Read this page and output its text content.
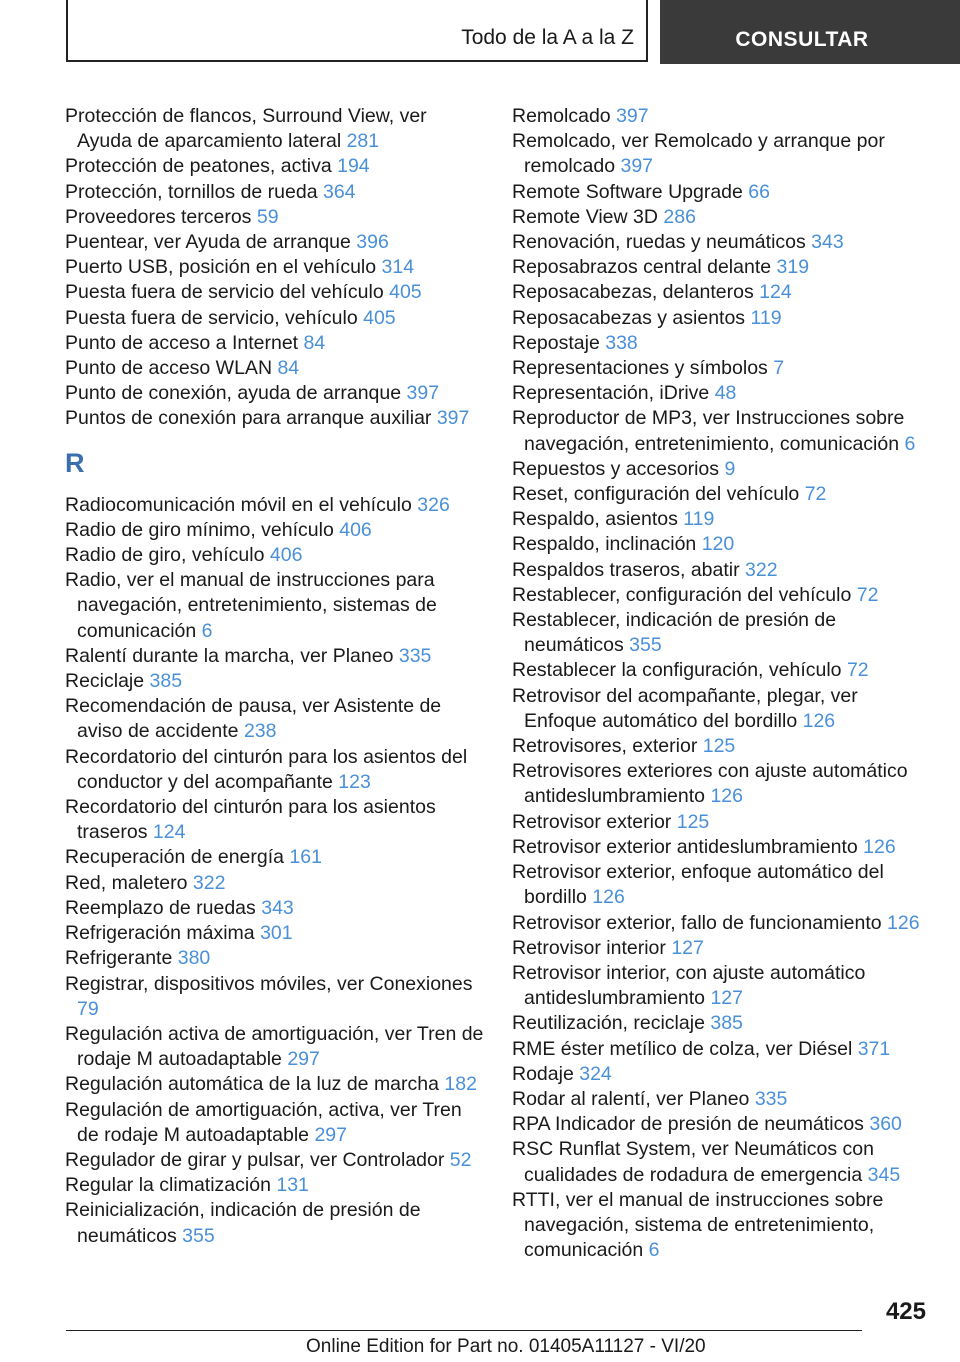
Todo de la A a la Z	CONSULTAR
Protección de flancos, Surround View, ver Ayuda de aparcamiento lateral 281
Protección de peatones, activa 194
Protección, tornillos de rueda 364
Proveedores terceros 59
Puentear, ver Ayuda de arranque 396
Puerto USB, posición en el vehículo 314
Puesta fuera de servicio del vehículo 405
Puesta fuera de servicio, vehículo 405
Punto de acceso a Internet 84
Punto de acceso WLAN 84
Punto de conexión, ayuda de arranque 397
Puntos de conexión para arranque auxiliar 397
R
Radiocomunicación móvil en el vehículo 326
Radio de giro mínimo, vehículo 406
Radio de giro, vehículo 406
Radio, ver el manual de instrucciones para navegación, entretenimiento, sistemas de comunicación 6
Ralentí durante la marcha, ver Planeo 335
Reciclaje 385
Recomendación de pausa, ver Asistente de aviso de accidente 238
Recordatorio del cinturón para los asientos del conductor y del acompañante 123
Recordatorio del cinturón para los asientos traseros 124
Recuperación de energía 161
Red, maletero 322
Reemplazo de ruedas 343
Refrigeración máxima 301
Refrigerante 380
Registrar, dispositivos móviles, ver Conexiones 79
Regulación activa de amortiguación, ver Tren de rodaje M autoadaptable 297
Regulación automática de la luz de marcha 182
Regulación de amortiguación, activa, ver Tren de rodaje M autoadaptable 297
Regulador de girar y pulsar, ver Controlador 52
Regular la climatización 131
Reinicialización, indicación de presión de neumáticos 355
Remolcado 397
Remolcado, ver Remolcado y arranque por remolcado 397
Remote Software Upgrade 66
Remote View 3D 286
Renovación, ruedas y neumáticos 343
Reposabrazos central delante 319
Reposacabezas, delanteros 124
Reposacabezas y asientos 119
Repostaje 338
Representaciones y símbolos 7
Representación, iDrive 48
Reproductor de MP3, ver Instrucciones sobre navegación, entretenimiento, comunicación 6
Repuestos y accesorios 9
Reset, configuración del vehículo 72
Respaldo, asientos 119
Respaldo, inclinación 120
Respaldos traseros, abatir 322
Restablecer, configuración del vehículo 72
Restablecer, indicación de presión de neumáticos 355
Restablecer la configuración, vehículo 72
Retrovisor del acompañante, plegar, ver Enfoque automático del bordillo 126
Retrovisores, exterior 125
Retrovisores exteriores con ajuste automático antideslumbramiento 126
Retrovisor exterior 125
Retrovisor exterior antideslumbramiento 126
Retrovisor exterior, enfoque automático del bordillo 126
Retrovisor exterior, fallo de funcionamiento 126
Retrovisor interior 127
Retrovisor interior, con ajuste automático antideslumbramiento 127
Reutilización, reciclaje 385
RME éster metílico de colza, ver Diésel 371
Rodaje 324
Rodar al ralentí, ver Planeo 335
RPA Indicador de presión de neumáticos 360
RSC Runflat System, ver Neumáticos con cualidades de rodadura de emergencia 345
RTTI, ver el manual de instrucciones sobre navegación, sistema de entretenimiento, comunicación 6
425
Online Edition for Part no. 01405A11127 - VI/20
